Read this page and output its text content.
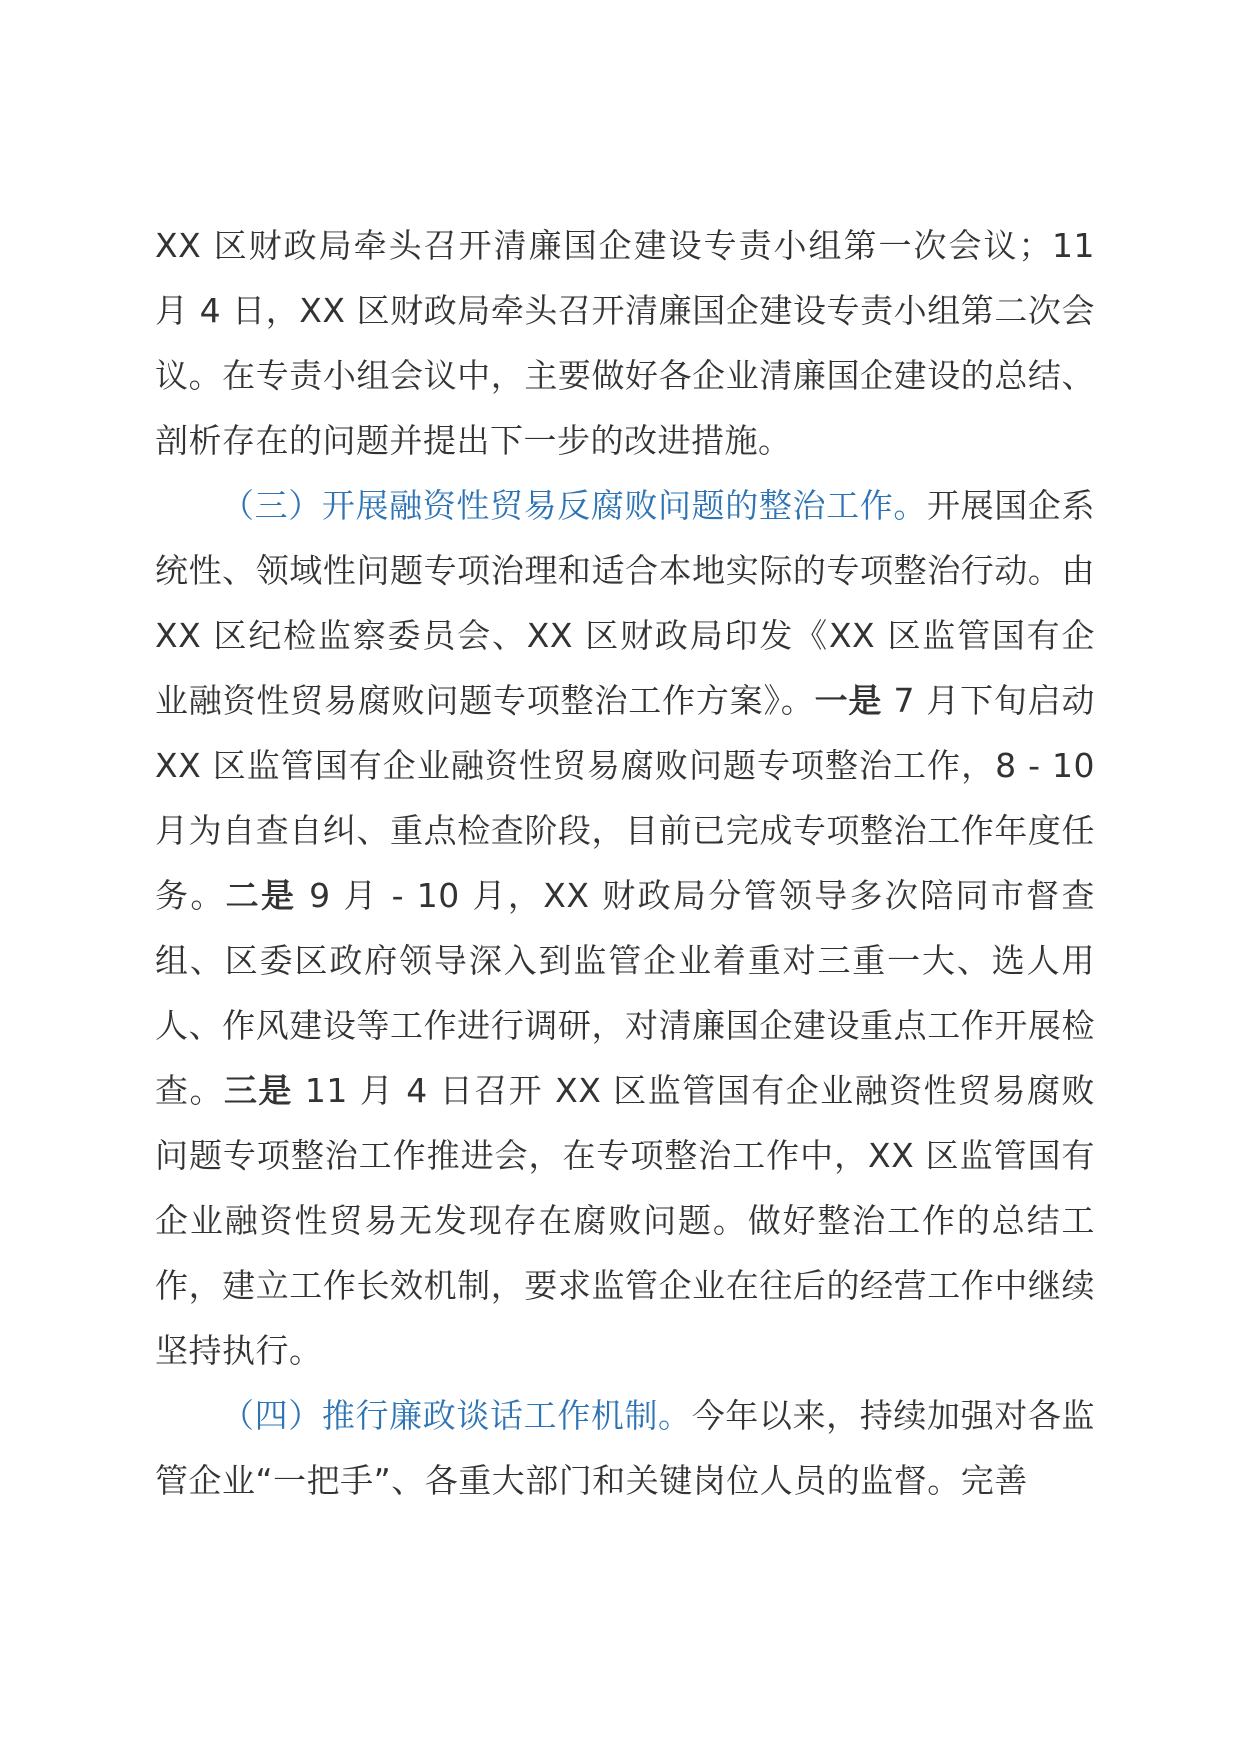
XX 区财政局牵头召开清廉国企建设专责小组第一次会议；11 月 4 日，XX 区财政局牵头召开清廉国企建设专责小组第二次会议。在专责小组会议中，主要做好各企业清廉国企建设的总结、剖析存在的问题并提出下一步的改进措施。

（三）开展融资性贸易反腐败问题的整治工作。开展国企系统性、领域性问题专项治理和适合本地实际的专项整治行动。由 XX 区纪检监察委员会、XX 区财政局印发《XX 区监管国有企业融资性贸易腐败问题专项整治工作方案》。一是 7 月下旬启动 XX 区监管国有企业融资性贸易腐败问题专项整治工作，8 - 10 月为自查自纠、重点检查阶段，目前已完成专项整治工作年度任务。二是 9 月 - 10 月，XX 财政局分管领导多次陪同市督查组、区委区政府领导深入到监管企业着重对三重一大、选人用人、作风建设等工作进行调研，对清廉国企建设重点工作开展检查。三是 11 月 4 日召开 XX 区监管国有企业融资性贸易腐败问题专项整治工作推进会，在专项整治工作中，XX 区监管国有企业融资性贸易无发现存在腐败问题。做好整治工作的总结工作，建立工作长效机制，要求监管企业在往后的经营工作中继续坚持执行。

（四）推行廉政谈话工作机制。今年以来，持续加强对各监管企业“一把手”、各重大部门和关键岗位人员的监督。完善
